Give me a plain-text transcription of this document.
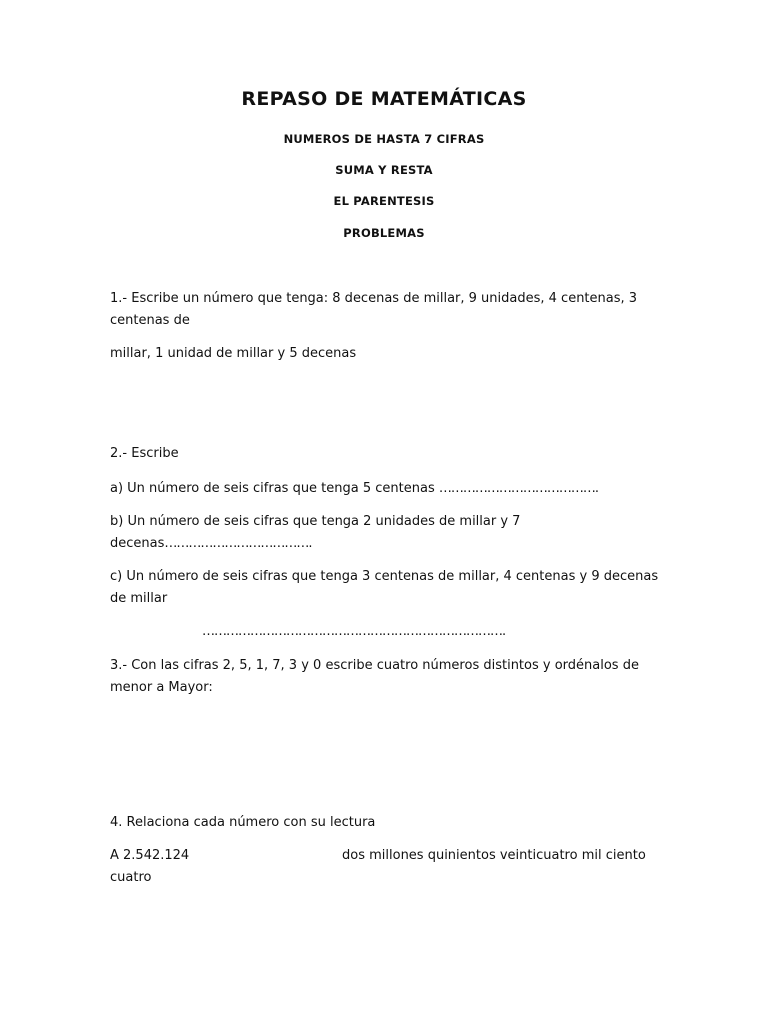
REPASO DE MATEMÁTICAS
NUMEROS DE HASTA 7 CIFRAS
SUMA Y RESTA
EL PARENTESIS
PROBLEMAS
1.- Escribe un número que tenga: 8 decenas de millar, 9 unidades, 4 centenas, 3
centenas de
millar, 1 unidad de millar y 5 decenas
2.- Escribe
a) Un número de seis cifras que tenga 5 centenas ………………………………….
b) Un número de seis cifras que tenga 2 unidades de millar y 7
decenas……………………………….
c) Un número de seis cifras que tenga 3 centenas de millar, 4 centenas y 9 decenas
de millar
………………………………………………………………….
3.- Con las cifras 2, 5, 1, 7, 3 y 0 escribe cuatro números distintos y ordénalos de
menor a Mayor:
4. Relaciona cada número con su lectura
A 2.542.124	dos millones quinientos veinticuatro mil ciento
cuatro
